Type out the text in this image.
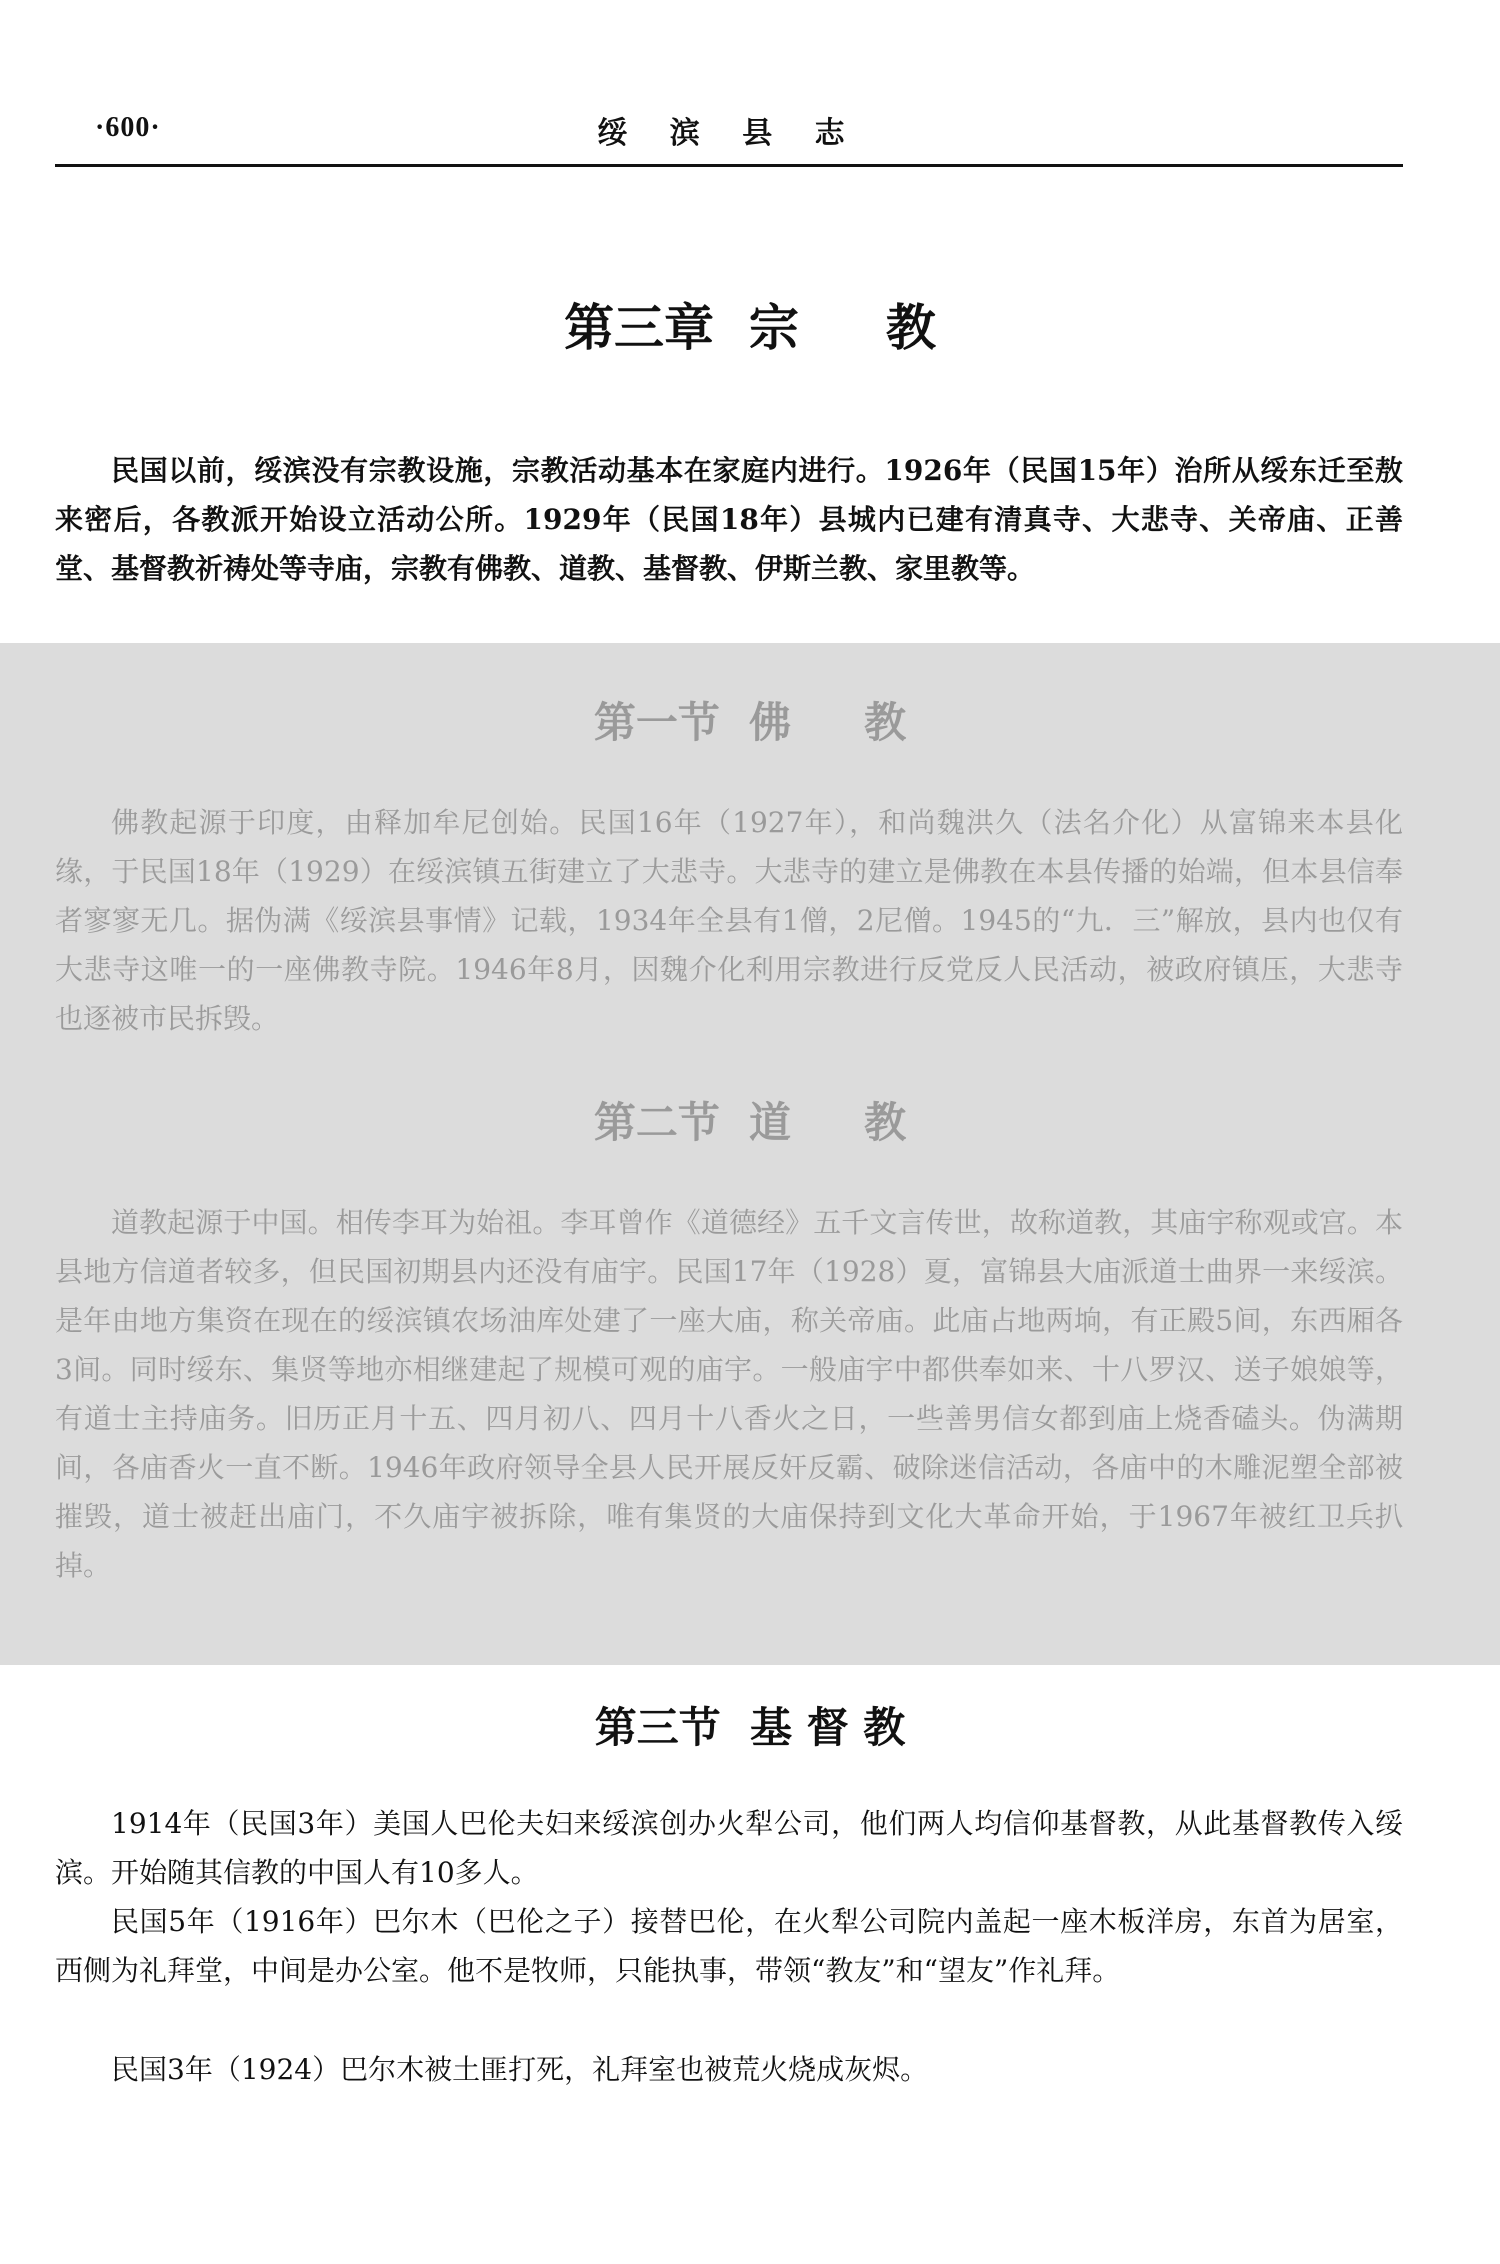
·600·	绥 滨 县 志
第三章  宗     教

民国以前，绥滨没有宗教设施，宗教活动基本在家庭内进行。1926年（民国15年）治所从绥东迁至敖来密后，各教派开始设立活动公所。1929年（民国18年）县城内已建有清真寺、大悲寺、关帝庙、正善堂、基督教祈祷处等寺庙，宗教有佛教、道教、基督教、伊斯兰教、家里教等。

第一节  佛     教

佛教起源于印度，由释加牟尼创始。民国16年（1927年），和尚魏洪久（法名介化）从富锦来本县化缘，于民国18年（1929）在绥滨镇五街建立了大悲寺。大悲寺的建立是佛教在本县传播的始端，但本县信奉者寥寥无几。据伪满《绥滨县事情》记载，1934年全县有1僧，2尼僧。1945的“九．三”解放，县内也仅有大悲寺这唯一的一座佛教寺院。1946年8月，因魏介化利用宗教进行反党反人民活动，被政府镇压，大悲寺也逐被市民拆毁。

第二节  道     教

道教起源于中国。相传李耳为始祖。李耳曾作《道德经》五千文言传世，故称道教，其庙宇称观或宫。本县地方信道者较多，但民国初期县内还没有庙宇。民国17年（1928）夏，富锦县大庙派道士曲界一来绥滨。是年由地方集资在现在的绥滨镇农场油库处建了一座大庙，称关帝庙。此庙占地两垧，有正殿5间，东西厢各3间。同时绥东、集贤等地亦相继建起了规模可观的庙宇。一般庙宇中都供奉如来、十八罗汉、送子娘娘等，有道士主持庙务。旧历正月十五、四月初八、四月十八香火之日，一些善男信女都到庙上烧香磕头。伪满期间，各庙香火一直不断。1946年政府领导全县人民开展反奸反霸、破除迷信活动，各庙中的木雕泥塑全部被摧毁，道士被赶出庙门，不久庙宇被拆除，唯有集贤的大庙保持到文化大革命开始，于1967年被红卫兵扒掉。

第三节  基 督 教

1914年（民国3年）美国人巴伦夫妇来绥滨创办火犁公司，他们两人均信仰基督教，从此基督教传入绥滨。开始随其信教的中国人有10多人。

民国5年（1916年）巴尔木（巴伦之子）接替巴伦，在火犁公司院内盖起一座木板洋房，东首为居室，西侧为礼拜堂，中间是办公室。他不是牧师，只能执事，带领“教友”和“望友”作礼拜。

民国3年（1924）巴尔木被土匪打死，礼拜室也被荒火烧成灰烬。
